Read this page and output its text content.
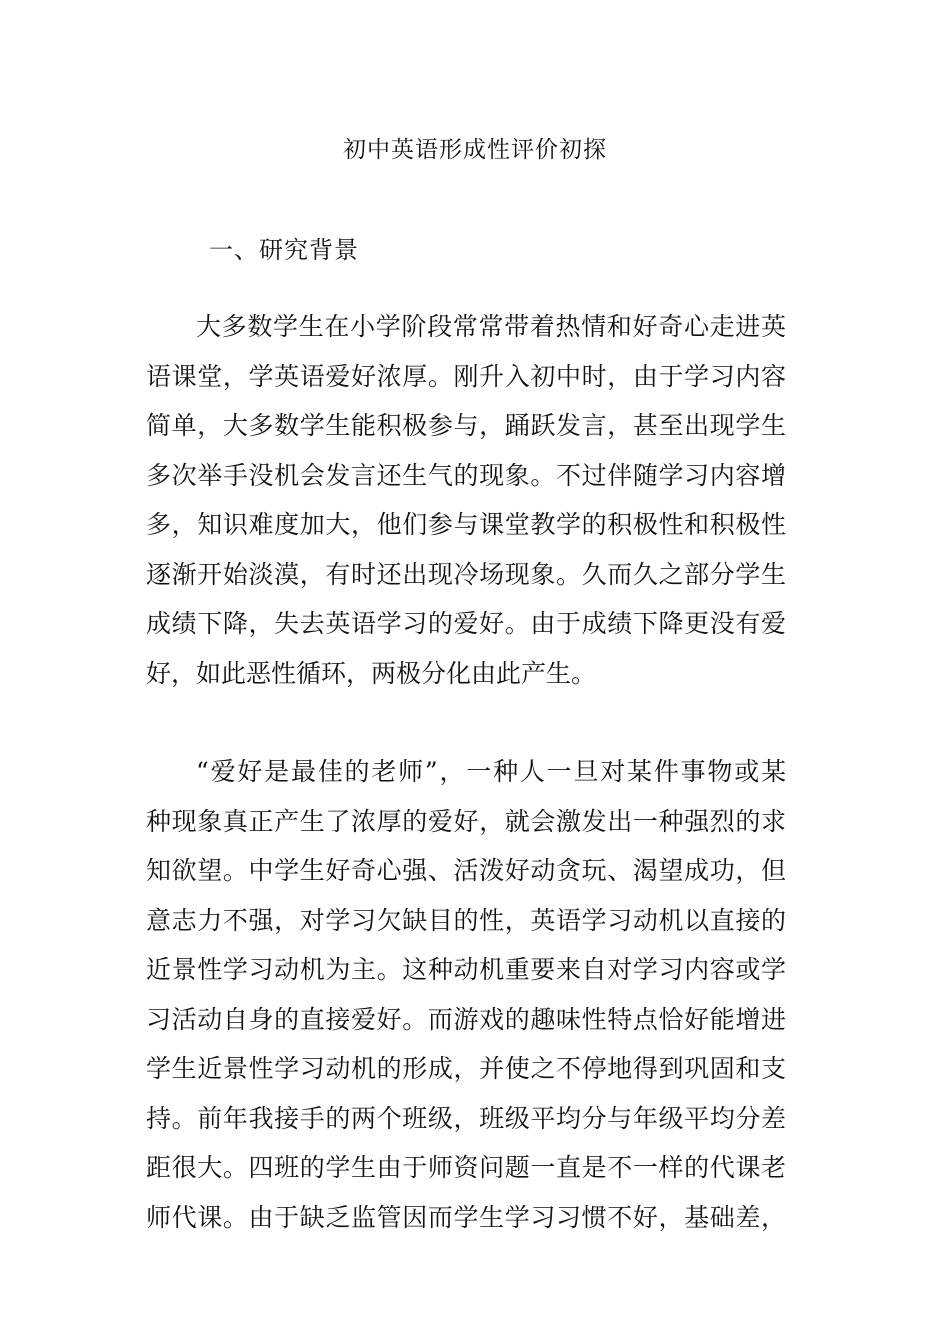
初中英语形成性评价初探
一、研究背景

大多数学生在小学阶段常常带着热情和好奇心走进英
语课堂，学英语爱好浓厚。刚升入初中时，由于学习内容
简单，大多数学生能积极参与，踊跃发言，甚至出现学生
多次举手没机会发言还生气的现象。不过伴随学习内容增
多，知识难度加大，他们参与课堂教学的积极性和积极性
逐渐开始淡漠，有时还出现冷场现象。久而久之部分学生
成绩下降，失去英语学习的爱好。由于成绩下降更没有爱
好，如此恶性循环，两极分化由此产生。

“爱好是最佳的老师”，一种人一旦对某件事物或某
种现象真正产生了浓厚的爱好，就会激发出一种强烈的求
知欲望。中学生好奇心强、活泼好动贪玩、渴望成功，但
意志力不强，对学习欠缺目的性，英语学习动机以直接的
近景性学习动机为主。这种动机重要来自对学习内容或学
习活动自身的直接爱好。而游戏的趣味性特点恰好能增进
学生近景性学习动机的形成，并使之不停地得到巩固和支
持。前年我接手的两个班级，班级平均分与年级平均分差
距很大。四班的学生由于师资问题一直是不一样的代课老
师代课。由于缺乏监管因而学生学习习惯不好，基础差，
